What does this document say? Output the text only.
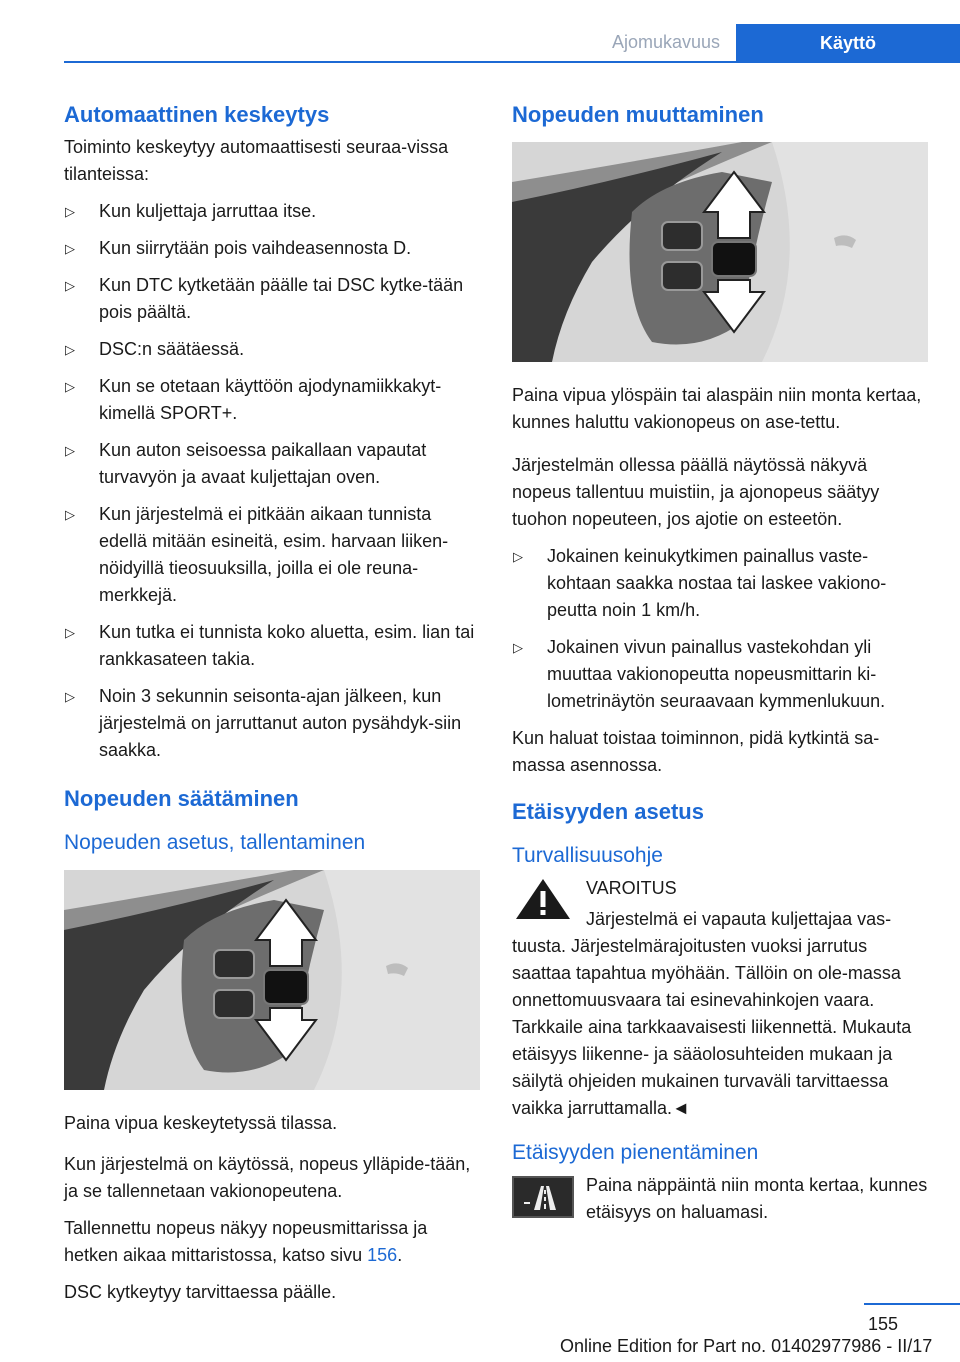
Ajomukavuus	Käyttö
Automaattinen keskeytys

Toiminto keskeytyy automaattisesti seuraa-vissa tilanteissa:

▷ Kun kuljettaja jarruttaa itse.
▷ Kun siirrytään pois vaihdeasennosta D.
▷ Kun DTC kytketään päälle tai DSC kytke-tään pois päältä.
▷ DSC:n säätäessä.
▷ Kun se otetaan käyttöön ajodynamiikkakyt-kimellä SPORT+.
▷ Kun auton seisoessa paikallaan vapautat turvavyön ja avaat kuljettajan oven.
▷ Kun järjestelmä ei pitkään aikaan tunnista edellä mitään esineitä, esim. harvaan liiken-nöidyillä tieosuuksilla, joilla ei ole reuna-merkkejä.
▷ Kun tutka ei tunnista koko aluetta, esim. lian tai rankkasateen takia.
▷ Noin 3 sekunnin seisonta-ajan jälkeen, kun järjestelmä on jarruttanut auton pysähdyk-siin saakka.
Nopeuden säätäminen
Nopeuden asetus, tallentaminen

Paina vipua keskeytetyssä tilassa.

Kun järjestelmä on käytössä, nopeus ylläpide-tään, ja se tallennetaan vakionopeutena.

Tallennettu nopeus näkyy nopeusmittarissa ja hetken aikaa mittaristossa, katso sivu 156.

DSC kytkeytyy tarvittaessa päälle.

Nopeuden muuttaminen

Paina vipua ylöspäin tai alaspäin niin monta kertaa, kunnes haluttu vakionopeus on ase-tettu.

Järjestelmän ollessa päällä näytössä näkyvä nopeus tallentuu muistiin, ja ajonopeus säätyy tuohon nopeuteen, jos ajotie on esteetön.

▷ Jokainen keinukytkimen painallus vaste-kohtaan saakka nostaa tai laskee vakiono-peutta noin 1 km/h.
▷ Jokainen vivun painallus vastekohdan yli muuttaa vakionopeutta nopeusmittarin ki-lometrinäytön seuraavaan kymmenlukuun.

Kun haluat toistaa toiminnon, pidä kytkintä sa-massa asennossa.

Etäisyyden asetus
Turvallisuusohje
VAROITUS

Järjestelmä ei vapauta kuljettajaa vas-tuusta. Järjestelmärajoitusten vuoksi jarrutus saattaa tapahtua myöhään. Tällöin on ole-massa onnettomuusvaara tai esinevahinkojen vaara. Tarkkaile aina tarkkaavaisesti liikennettä. Mukauta etäisyys liikenne- ja sääolosuhteiden mukaan ja säilytä ohjeiden mukainen turvaväli tarvittaessa vaikka jarruttamalla.◄

Etäisyyden pienentäminen

Paina näppäintä niin monta kertaa, kunnes etäisyys on haluamasi.

155
Online Edition for Part no. 01402977986 - II/17
